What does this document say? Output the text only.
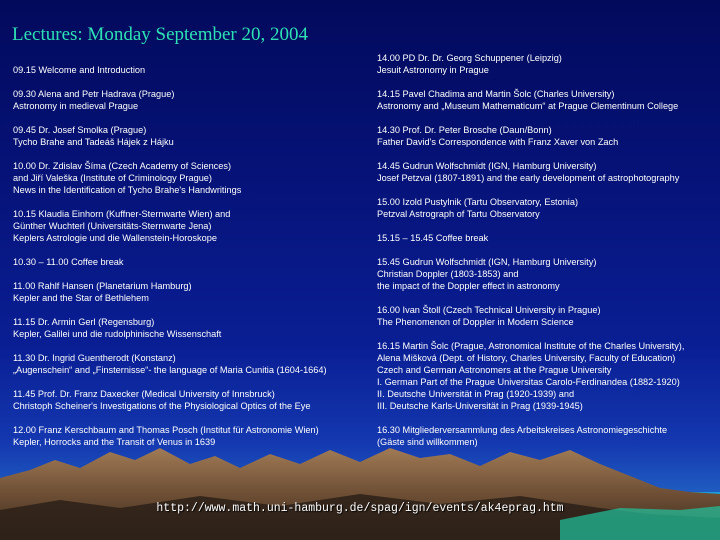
Lectures: Monday September 20, 2004
09.15 Welcome and Introduction
09.30 Alena and Petr Hadrava (Prague)
Astronomy in medieval Prague
09.45 Dr. Josef Smolka (Prague)
Tycho Brahe and Tadeáš Hájek z Hájku
10.00 Dr. Zdislav Šíma (Czech Academy of Sciences)
and Jiří Valeška (Institute of Criminology Prague)
News in the Identification of Tycho Brahe's Handwritings
10.15 Klaudia Einhorn (Kuffner-Sternwarte Wien) and
Günther Wuchterl (Universitäts-Sternwarte Jena)
Keplers Astrologie und die Wallenstein-Horoskope
10.30 – 11.00 Coffee break
11.00 Rahlf Hansen (Planetarium Hamburg)
Kepler and the Star of Bethlehem
11.15 Dr. Armin Gerl (Regensburg)
Kepler, Galilei und die rudolphinische Wissenschaft
11.30 Dr. Ingrid Guentherodt (Konstanz)
„Augenschein“ and „Finsternisse“- the language of Maria Cunitia (1604-1664)
11.45 Prof. Dr. Franz Daxecker (Medical University of Innsbruck)
Christoph Scheiner's Investigations of the Physiological Optics of the Eye
12.00 Franz Kerschbaum and Thomas Posch (Institut für Astronomie Wien)
Kepler, Horrocks and the Transit of Venus in 1639
14.00 PD Dr. Dr. Georg Schuppener (Leipzig)
Jesuit Astronomy in Prague
14.15 Pavel Chadima and Martin Šolc (Charles University)
Astronomy and „Museum Mathematicum“ at Prague Clementinum College
14.30 Prof. Dr. Peter Brosche (Daun/Bonn)
Father David's Correspondence with Franz Xaver von Zach
14.45 Gudrun Wolfschmidt (IGN, Hamburg University)
Josef Petzval (1807-1891) and the early development of astrophotography
15.00 Izold Pustylnik (Tartu Observatory, Estonia)
Petzval Astrograph of Tartu Observatory
15.15 – 15.45 Coffee break
15.45 Gudrun Wolfschmidt (IGN, Hamburg University)
Christian Doppler (1803-1853) and
the impact of the Doppler effect in astronomy
16.00 Ivan Štoll (Czech Technical University in Prague)
The Phenomenon of Doppler in Modern Science
16.15 Martin Šolc (Prague, Astronomical Institute of the Charles University),
Alena Mišková (Dept. of History, Charles University, Faculty of Education)
Czech and German Astronomers at the Prague University
I. German Part of the Prague Universitas Carolo-Ferdinandea (1882-1920)
II. Deutsche Universität in Prag (1920-1939) and
III. Deutsche Karls-Universität in Prag (1939-1945)
16.30 Mitgliederversammlung des Arbeitskreises Astronomiegeschichte
(Gäste sind willkommen)
http://www.math.uni-hamburg.de/spag/ign/events/ak4eprag.htm
